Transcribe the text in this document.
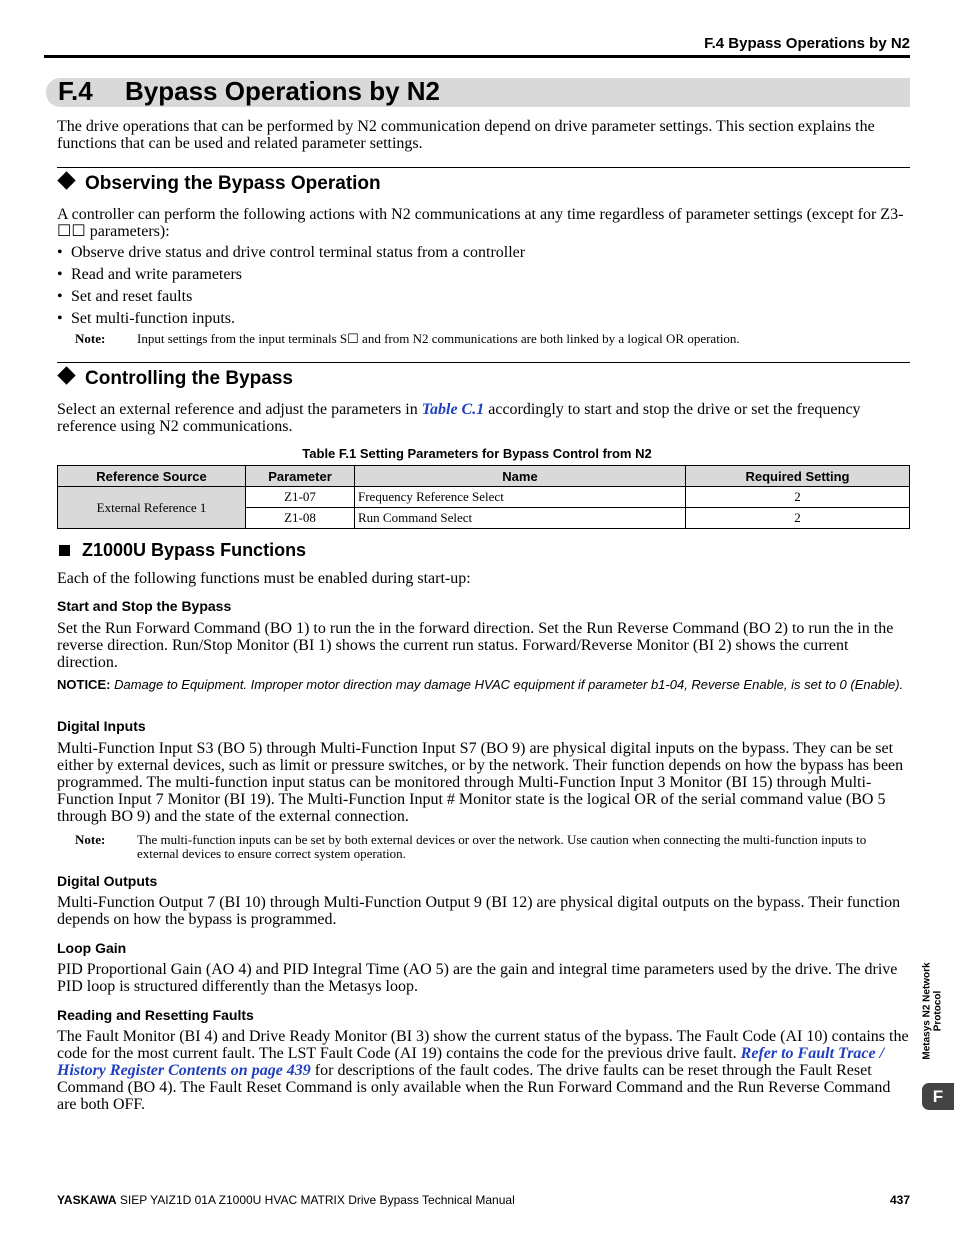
F.4 Bypass Operations by N2
F.4 Bypass Operations by N2
The drive operations that can be performed by N2 communication depend on drive parameter settings. This section explains the functions that can be used and related parameter settings.
Observing the Bypass Operation
A controller can perform the following actions with N2 communications at any time regardless of parameter settings (except for Z3-☐☐ parameters):
• Observe drive status and drive control terminal status from a controller
• Read and write parameters
• Set and reset faults
• Set multi-function inputs.
Note: Input settings from the input terminals S☐ and from N2 communications are both linked by a logical OR operation.
Controlling the Bypass
Select an external reference and adjust the parameters in Table C.1 accordingly to start and stop the drive or set the frequency reference using N2 communications.
Table F.1 Setting Parameters for Bypass Control from N2
Reference Source	Parameter	Name	Required Setting
External Reference 1	Z1-07	Frequency Reference Select	2
	Z1-08	Run Command Select	2
Z1000U Bypass Functions
Each of the following functions must be enabled during start-up:
Start and Stop the Bypass
Set the Run Forward Command (BO 1) to run the in the forward direction. Set the Run Reverse Command (BO 2) to run the in the reverse direction. Run/Stop Monitor (BI 1) shows the current run status. Forward/Reverse Monitor (BI 2) shows the current direction.
NOTICE: Damage to Equipment. Improper motor direction may damage HVAC equipment if parameter b1-04, Reverse Enable, is set to 0 (Enable).
Digital Inputs
Multi-Function Input S3 (BO 5) through Multi-Function Input S7 (BO 9) are physical digital inputs on the bypass. They can be set either by external devices, such as limit or pressure switches, or by the network. Their function depends on how the bypass has been programmed. The multi-function input status can be monitored through Multi-Function Input 3 Monitor (BI 15) through Multi-Function Input 7 Monitor (BI 19). The Multi-Function Input # Monitor state is the logical OR of the serial command value (BO 5 through BO 9) and the state of the external connection.
Note: The multi-function inputs can be set by both external devices or over the network. Use caution when connecting the multi-function inputs to external devices to ensure correct system operation.
Digital Outputs
Multi-Function Output 7 (BI 10) through Multi-Function Output 9 (BI 12) are physical digital outputs on the bypass. Their function depends on how the bypass is programmed.
Loop Gain
PID Proportional Gain (AO 4) and PID Integral Time (AO 5) are the gain and integral time parameters used by the drive. The drive PID loop is structured differently than the Metasys loop.
Reading and Resetting Faults
The Fault Monitor (BI 4) and Drive Ready Monitor (BI 3) show the current status of the bypass. The Fault Code (AI 10) contains the code for the most current fault. The LST Fault Code (AI 19) contains the code for the previous drive fault. Refer to Fault Trace / History Register Contents on page 439 for descriptions of the fault codes. The drive faults can be reset through the Fault Reset Command (BO 4). The Fault Reset Command is only available when the Run Forward Command and the Run Reverse Command are both OFF.
Metasys N2 Network Protocol
F
YASKAWA SIEP YAIZ1D 01A Z1000U HVAC MATRIX Drive Bypass Technical Manual	437
